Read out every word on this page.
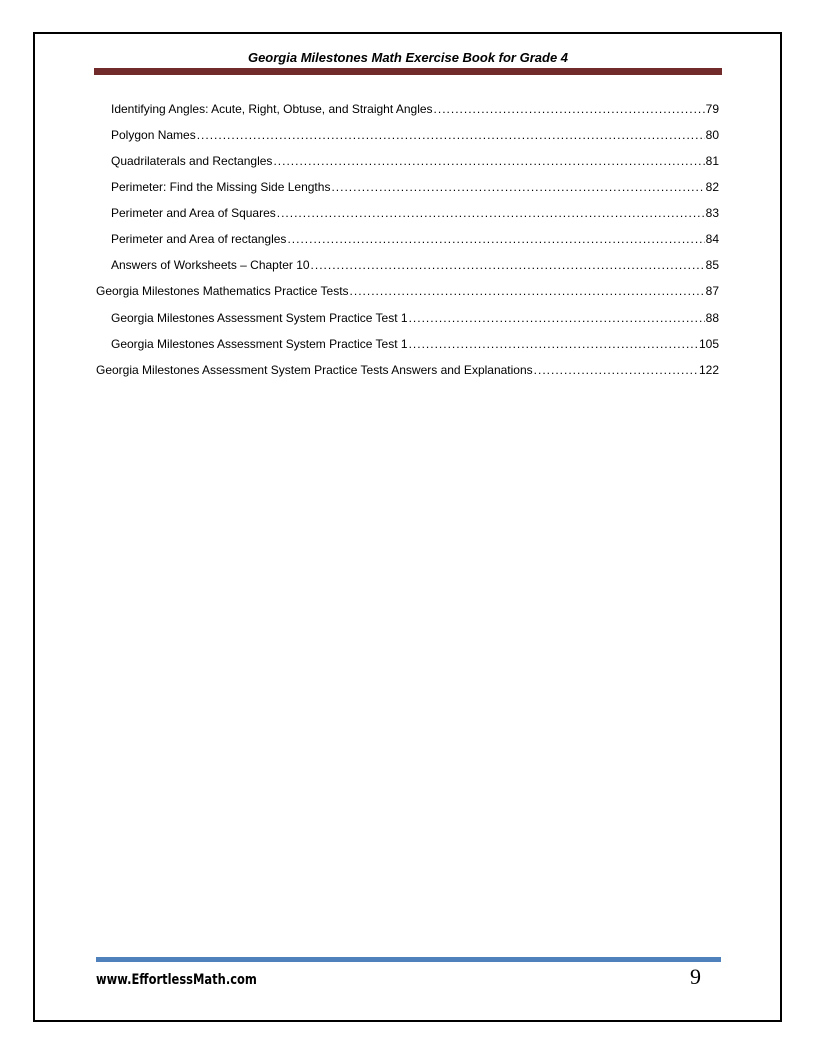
Georgia Milestones Math Exercise Book for Grade 4
Identifying Angles: Acute, Right, Obtuse, and Straight Angles .....	79
Polygon Names .....	80
Quadrilaterals and Rectangles .....	81
Perimeter: Find the Missing Side Lengths .....	82
Perimeter and Area of Squares .....	83
Perimeter and Area of rectangles .....	84
Answers of Worksheets – Chapter 10 .....	85
Georgia Milestones Mathematics Practice Tests .....	87
Georgia Milestones Assessment System Practice Test 1 .....	88
Georgia Milestones Assessment System Practice Test 1 .....	105
Georgia Milestones Assessment System Practice Tests Answers and Explanations .....	122
www.EffortlessMath.com	9
